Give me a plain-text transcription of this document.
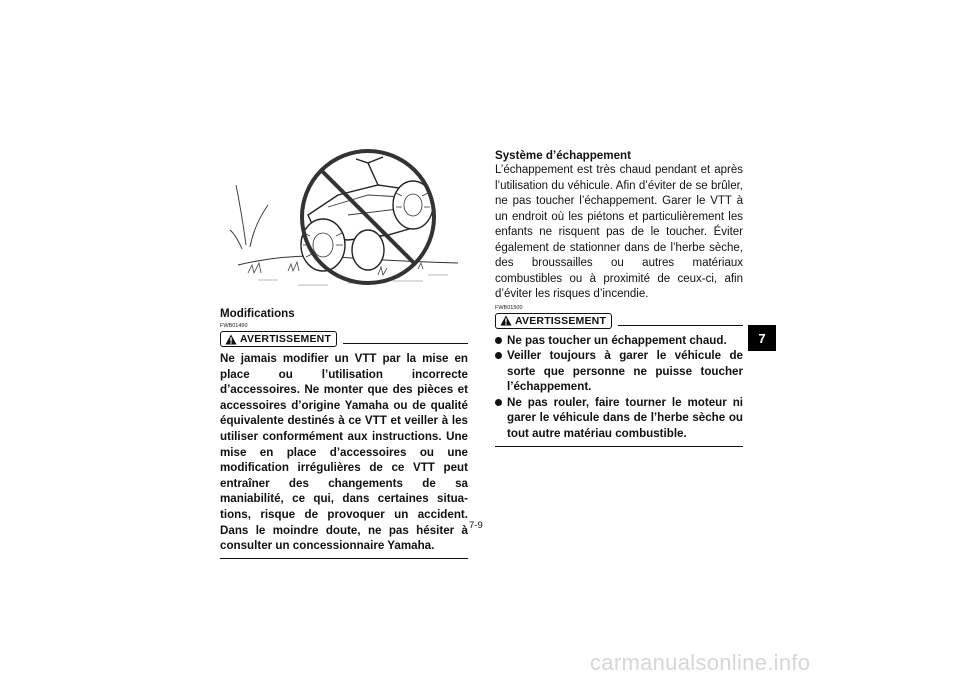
Modifications

FWB01490
AVERTISSEMENT

Ne jamais modifier un VTT par la mise en place ou l’utilisation incorrecte d’accessoires. Ne monter que des pièces et accessoires d’origine Yamaha ou de qualité équivalente destinés à ce VTT et veiller à les utiliser conformément aux instructions. Une mise en place d’accessoires ou une modification irrégulières de ce VTT peut entraîner des changements de sa maniabilité, ce qui, dans certaines situations, risque de provoquer un accident. Dans le moindre doute, ne pas hésiter à consulter un concessionnaire Yamaha.

Système d’échappement

L’échappement est très chaud pendant et après l’utilisation du véhicule. Afin d’éviter de se brûler, ne pas toucher l’échappement. Garer le VTT à un endroit où les piétons et particulièrement les enfants ne risquent pas de le toucher. Éviter également de stationner dans de l’herbe sèche, des broussailles ou autres matériaux combustibles ou à proximité de ceux-ci, afin d’éviter les risques d’incendie.

FWB01500
AVERTISSEMENT
Ne pas toucher un échappement chaud.
Veiller toujours à garer le véhicule de sorte que personne ne puisse toucher l’échappement.
Ne pas rouler, faire tourner le moteur ni garer le véhicule dans de l’herbe sèche ou tout autre matériau combustible.
7-9
7
carmanualsonline.info
